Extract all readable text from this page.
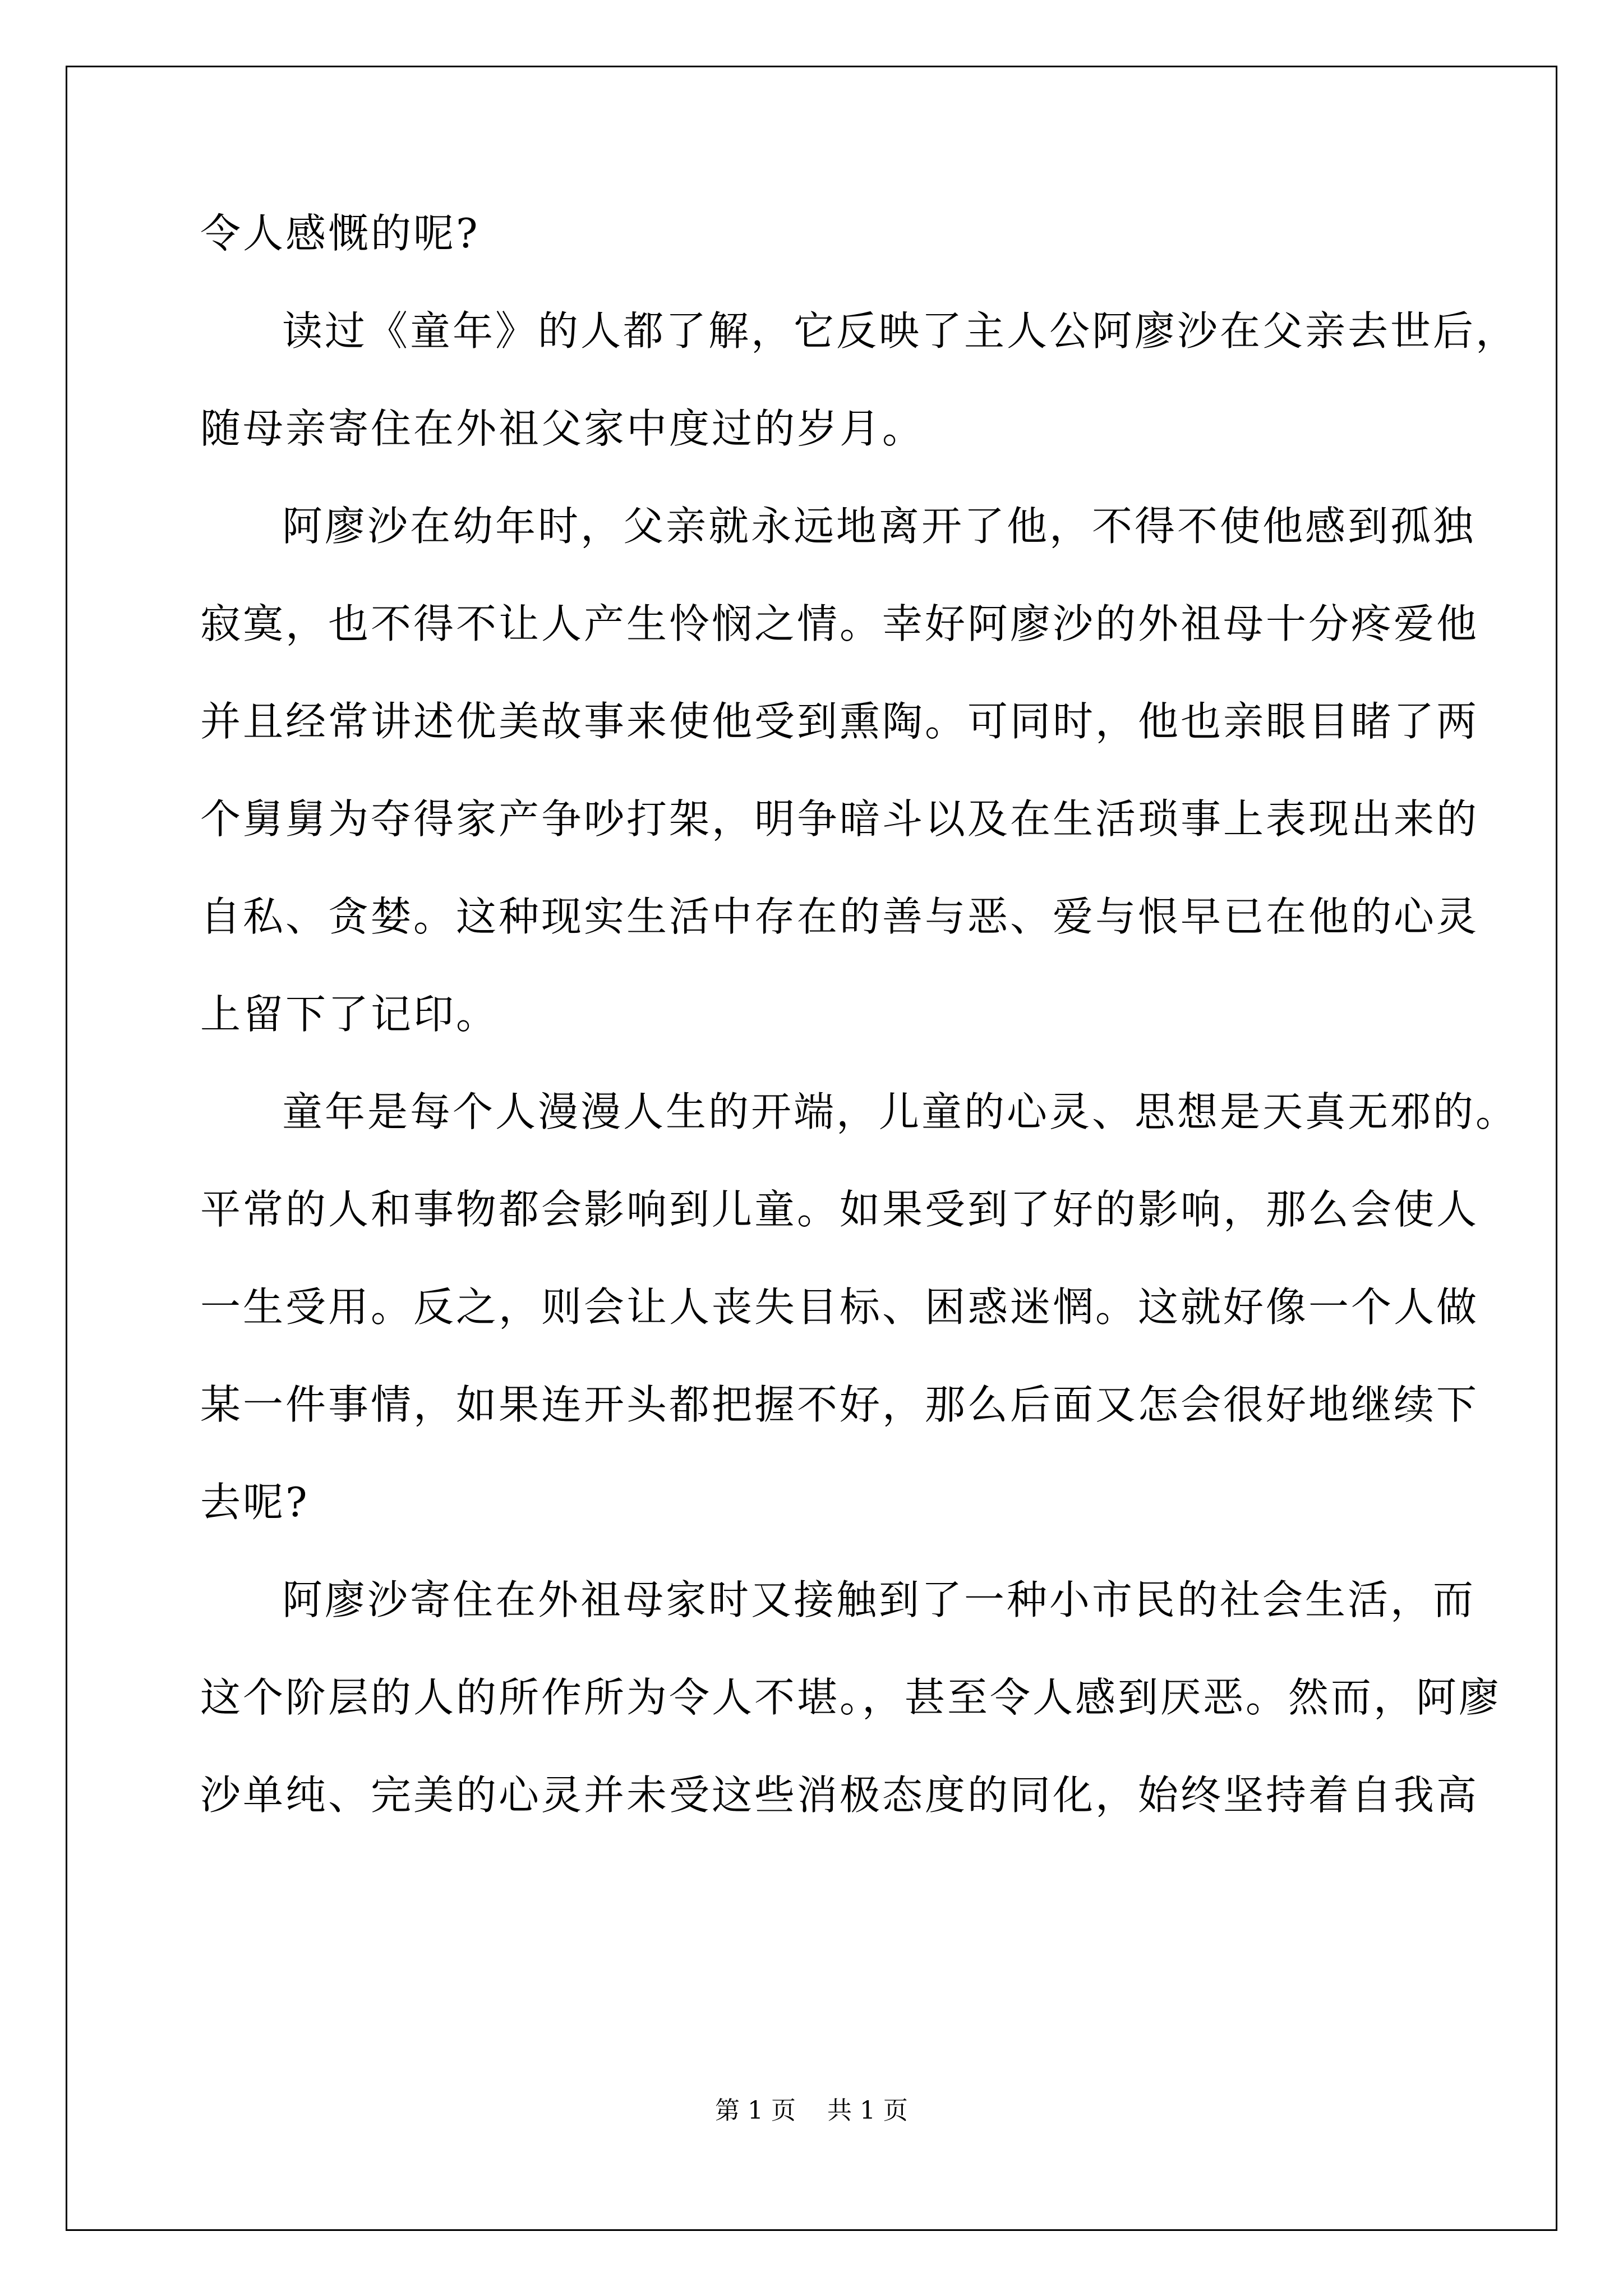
令人感慨的呢?
读过《童年》的人都了解，它反映了主人公阿廖沙在父亲去世后，
随母亲寄住在外祖父家中度过的岁月。
阿廖沙在幼年时，父亲就永远地离开了他，不得不使他感到孤独
寂寞，也不得不让人产生怜悯之情。幸好阿廖沙的外祖母十分疼爱他
并且经常讲述优美故事来使他受到熏陶。可同时，他也亲眼目睹了两
个舅舅为夺得家产争吵打架，明争暗斗以及在生活琐事上表现出来的
自私、贪婪。这种现实生活中存在的善与恶、爱与恨早已在他的心灵
上留下了记印。
童年是每个人漫漫人生的开端，儿童的心灵、思想是天真无邪的。
平常的人和事物都会影响到儿童。如果受到了好的影响，那么会使人
一生受用。反之，则会让人丧失目标、困惑迷惘。这就好像一个人做
某一件事情，如果连开头都把握不好，那么后面又怎会很好地继续下
去呢?
阿廖沙寄住在外祖母家时又接触到了一种小市民的社会生活，而
这个阶层的人的所作所为令人不堪。，甚至令人感到厌恶。然而，阿廖
沙单纯、完美的心灵并未受这些消极态度的同化，始终坚持着自我高
第 1 页    共 1 页
